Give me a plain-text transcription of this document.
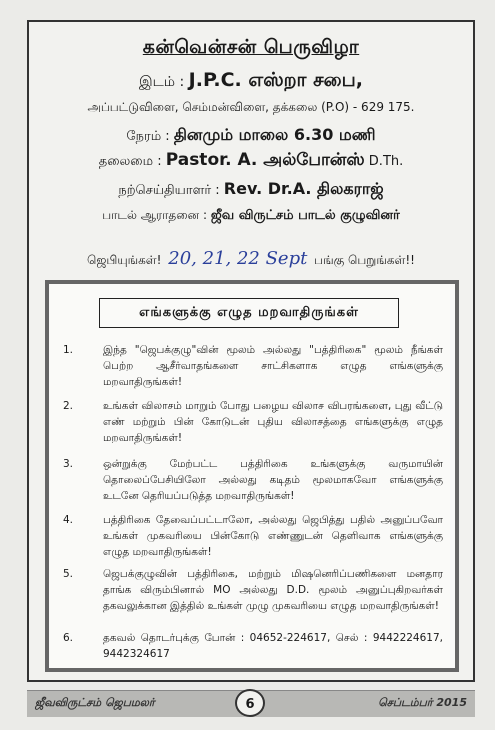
கன்வென்சன் பெருவிழா
இடம் : J.P.C. எஸ்றா சபை,
அப்பட்டுவிளை, செம்மன்விளை, தக்கலை (P.O) - 629 175.
நேரம் : தினமும் மாலை 6.30 மணி
தலைமை : Pastor. A. அல்போன்ஸ் D.Th.
நற்செய்தியாளர் : Rev. Dr.A. திலகராஜ்
பாடல் ஆராதனை : ஜீவ விருட்சம் பாடல் குழுவினர்
ஜெபியுங்கள்! 20, 21, 22 Sept பங்கு பெறுங்கள்!!
எங்களுக்கு எழுத மறவாதிருங்கள்
1.	இந்த "ஜெபக்குழு"வின் மூலம் அல்லது "பத்திரிகை" மூலம் நீங்கள் பெற்ற ஆசீர்வாதங்களை சாட்சிகளாக எழுத எங்களுக்கு மறவாதிருங்கள்!
2.	உங்கள் விலாசம் மாறும் போது பழைய விலாச விபரங்களை, புது வீட்டு எண் மற்றும் பின் கோடுடன் புதிய விலாசத்தை எங்களுக்கு எழுத மறவாதிருங்கள்!
3.	ஒன்றுக்கு மேற்பட்ட பத்திரிகை உங்களுக்கு வருமாயின் தொலைப்பேசியிலோ அல்லது கடிதம் மூலமாகவோ எங்களுக்கு உடனே தெரியப்படுத்த மறவாதிருங்கள்!
4.	பத்திரிகை தேவைப்பட்டாலோ, அல்லது ஜெபித்து பதில் அனுப்பவோ உங்கள் முகவரியை பின்கோடு எண்ணுடன் தெளிவாக எங்களுக்கு எழுத மறவாதிருங்கள்!
5.	ஜெபக்குழுவின் பத்திரிகை, மற்றும் மிஷனெரிப்பணிகளை மனதார தாங்க விரும்பினால் MO அல்லது D.D. மூலம் அனுப்புகிறவர்கள் தகவலுக்கான இத்தில் உங்கள் முழு முகவரியை எழுத மறவாதிருங்கள்!
6.	தகவல் தொடர்புக்கு போன் : 04652-224617, செல் : 9442224617, 9442324617
ஜீவவிருட்சம் ஜெபமலர்	6	செப்டம்பர் 2015
